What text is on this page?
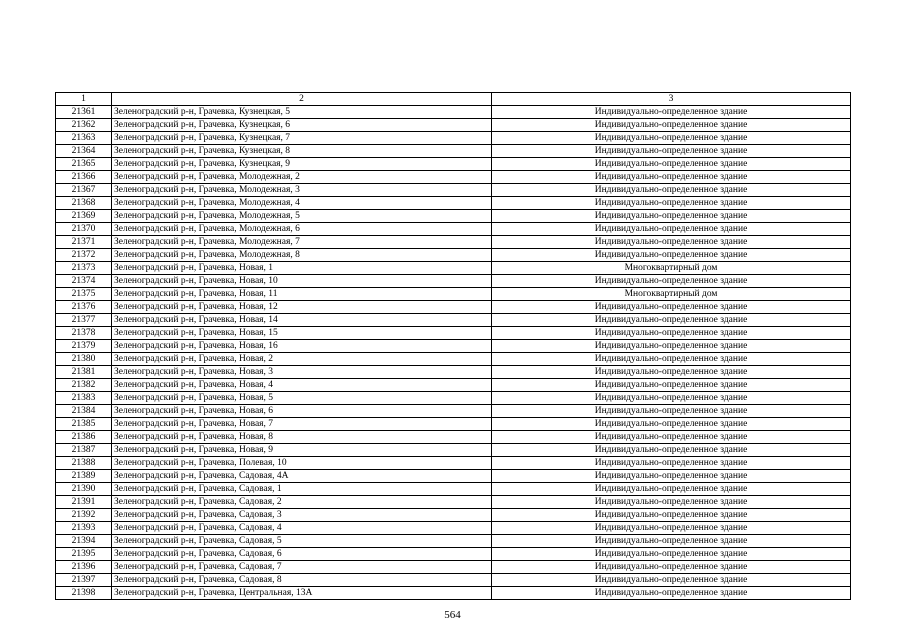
1	2	3
21361	Зеленоградский р-н, Грачевка, Кузнецкая, 5	Индивидуально-определенное здание
21362	Зеленоградский р-н, Грачевка, Кузнецкая, 6	Индивидуально-определенное здание
21363	Зеленоградский р-н, Грачевка, Кузнецкая, 7	Индивидуально-определенное здание
21364	Зеленоградский р-н, Грачевка, Кузнецкая, 8	Индивидуально-определенное здание
21365	Зеленоградский р-н, Грачевка, Кузнецкая, 9	Индивидуально-определенное здание
21366	Зеленоградский р-н, Грачевка, Молодежная, 2	Индивидуально-определенное здание
21367	Зеленоградский р-н, Грачевка, Молодежная, 3	Индивидуально-определенное здание
21368	Зеленоградский р-н, Грачевка, Молодежная, 4	Индивидуально-определенное здание
21369	Зеленоградский р-н, Грачевка, Молодежная, 5	Индивидуально-определенное здание
21370	Зеленоградский р-н, Грачевка, Молодежная, 6	Индивидуально-определенное здание
21371	Зеленоградский р-н, Грачевка, Молодежная, 7	Индивидуально-определенное здание
21372	Зеленоградский р-н, Грачевка, Молодежная, 8	Индивидуально-определенное здание
21373	Зеленоградский р-н, Грачевка, Новая, 1	Многоквартирный дом
21374	Зеленоградский р-н, Грачевка, Новая, 10	Индивидуально-определенное здание
21375	Зеленоградский р-н, Грачевка, Новая, 11	Многоквартирный дом
21376	Зеленоградский р-н, Грачевка, Новая, 12	Индивидуально-определенное здание
21377	Зеленоградский р-н, Грачевка, Новая, 14	Индивидуально-определенное здание
21378	Зеленоградский р-н, Грачевка, Новая, 15	Индивидуально-определенное здание
21379	Зеленоградский р-н, Грачевка, Новая, 16	Индивидуально-определенное здание
21380	Зеленоградский р-н, Грачевка, Новая, 2	Индивидуально-определенное здание
21381	Зеленоградский р-н, Грачевка, Новая, 3	Индивидуально-определенное здание
21382	Зеленоградский р-н, Грачевка, Новая, 4	Индивидуально-определенное здание
21383	Зеленоградский р-н, Грачевка, Новая, 5	Индивидуально-определенное здание
21384	Зеленоградский р-н, Грачевка, Новая, 6	Индивидуально-определенное здание
21385	Зеленоградский р-н, Грачевка, Новая, 7	Индивидуально-определенное здание
21386	Зеленоградский р-н, Грачевка, Новая, 8	Индивидуально-определенное здание
21387	Зеленоградский р-н, Грачевка, Новая, 9	Индивидуально-определенное здание
21388	Зеленоградский р-н, Грачевка, Полевая, 10	Индивидуально-определенное здание
21389	Зеленоградский р-н, Грачевка, Садовая, 4А	Индивидуально-определенное здание
21390	Зеленоградский р-н, Грачевка, Садовая, 1	Индивидуально-определенное здание
21391	Зеленоградский р-н, Грачевка, Садовая, 2	Индивидуально-определенное здание
21392	Зеленоградский р-н, Грачевка, Садовая, 3	Индивидуально-определенное здание
21393	Зеленоградский р-н, Грачевка, Садовая, 4	Индивидуально-определенное здание
21394	Зеленоградский р-н, Грачевка, Садовая, 5	Индивидуально-определенное здание
21395	Зеленоградский р-н, Грачевка, Садовая, 6	Индивидуально-определенное здание
21396	Зеленоградский р-н, Грачевка, Садовая, 7	Индивидуально-определенное здание
21397	Зеленоградский р-н, Грачевка, Садовая, 8	Индивидуально-определенное здание
21398	Зеленоградский р-н, Грачевка, Центральная, 13А	Индивидуально-определенное здание
564
